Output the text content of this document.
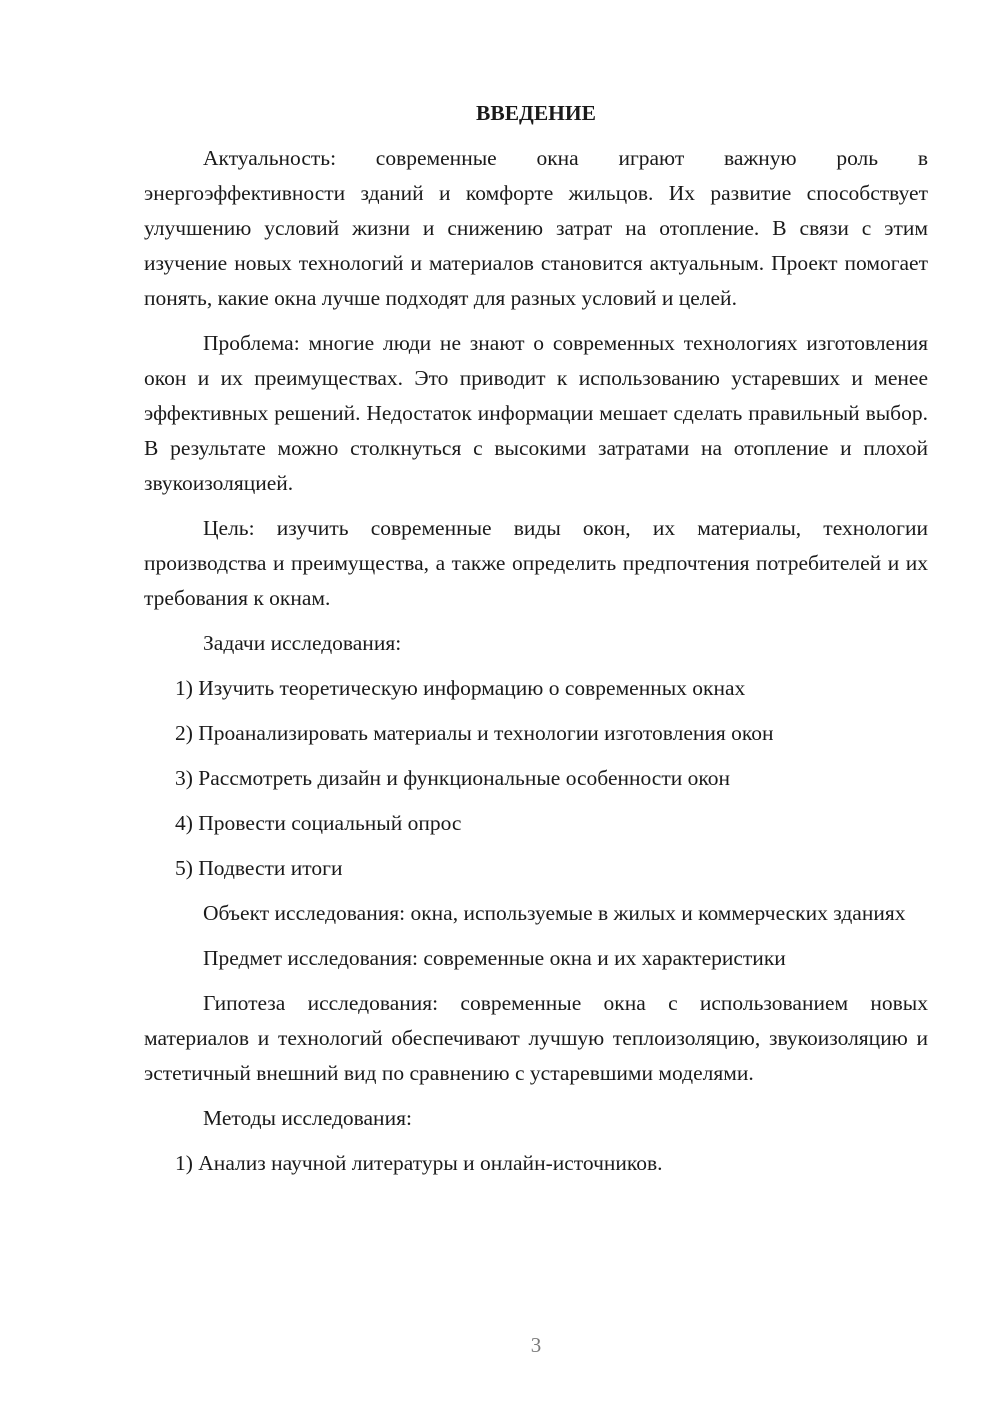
ВВЕДЕНИЕ

Актуальность: современные окна играют важную роль в энергоэффективности зданий и комфорте жильцов. Их развитие способствует улучшению условий жизни и снижению затрат на отопление. В связи с этим изучение новых технологий и материалов становится актуальным. Проект помогает понять, какие окна лучше подходят для разных условий и целей.

Проблема: многие люди не знают о современных технологиях изготовления окон и их преимуществах. Это приводит к использованию устаревших и менее эффективных решений. Недостаток информации мешает сделать правильный выбор. В результате можно столкнуться с высокими затратами на отопление и плохой звукоизоляцией.

Цель: изучить современные виды окон, их материалы, технологии производства и преимущества, а также определить предпочтения потребителей и их требования к окнам.

Задачи исследования:

1) Изучить теоретическую информацию о современных окнах
2) Проанализировать материалы и технологии изготовления окон
3) Рассмотреть дизайн и функциональные особенности окон
4) Провести социальный опрос
5) Подвести итоги

Объект исследования: окна, используемые в жилых и коммерческих зданиях

Предмет исследования: современные окна и их характеристики

Гипотеза исследования: современные окна с использованием новых материалов и технологий обеспечивают лучшую теплоизоляцию, звукоизоляцию и эстетичный внешний вид по сравнению с устаревшими моделями.

Методы исследования:

1) Анализ научной литературы и онлайн-источников.
3
